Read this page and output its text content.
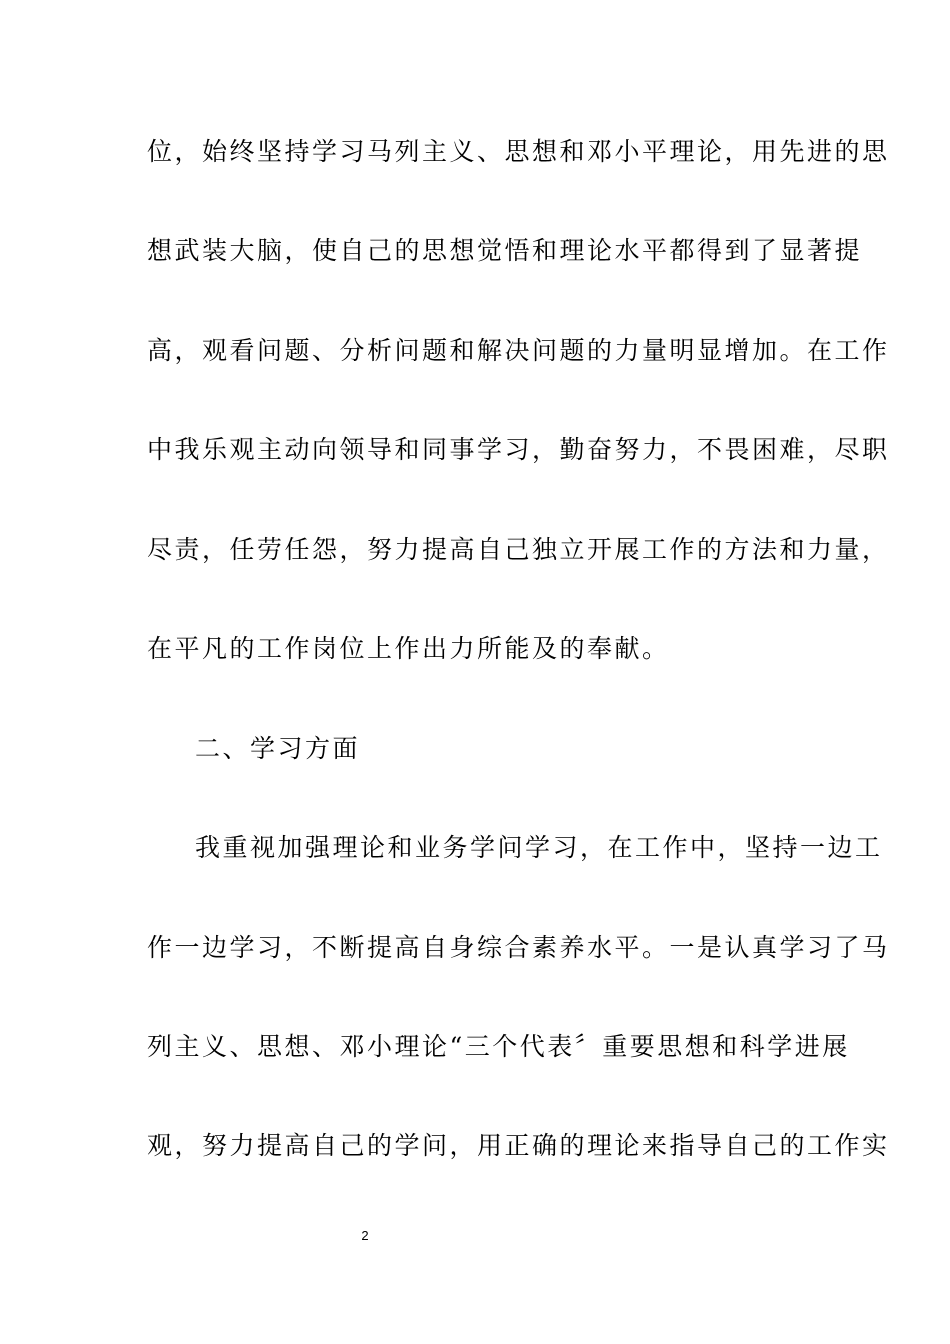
位，始终坚持学习马列主义、思想和邓小平理论，用先进的思
想武装大脑，使自己的思想觉悟和理论水平都得到了显著提
高，观看问题、分析问题和解决问题的力量明显增加。在工作
中我乐观主动向领导和同事学习，勤奋努力，不畏困难，尽职
尽责，任劳任怨，努力提高自己独立开展工作的方法和力量，
在平凡的工作岗位上作出力所能及的奉献。
二、学习方面
我重视加强理论和业务学问学习，在工作中，坚持一边工
作一边学习，不断提高自身综合素养水平。一是认真学习了马
列主义、思想、邓小理论“三个代表〞重要思想和科学进展
观，努力提高自己的学问，用正确的理论来指导自己的工作实
2
